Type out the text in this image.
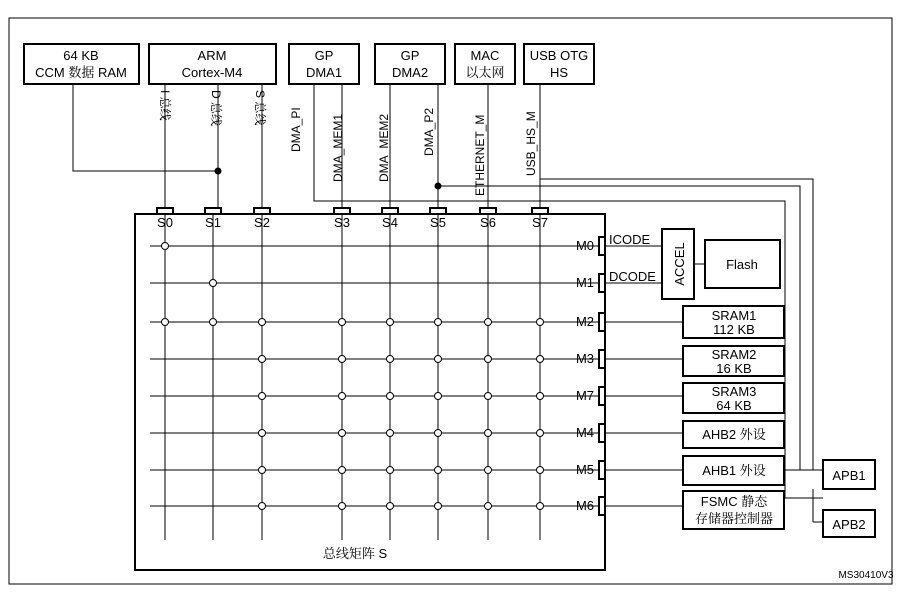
64 KB
CCM 数据 RAM
ARM
Cortex-M4
GP
DMA1
GP
DMA2
MAC
以太网
USB OTG
HS
I 总线	D 总线	S 总线 DMA_PI DMA_MEM1	DMA_MEM2	DMA_P2	ETHERNET_M	USB_HS_M
S0 S1	S2	S3 S4 S5	S6	S7
M0
M1
M2
M3
M7
M4
M5
M6
总线矩阵 S
ICODE
DCODE ACCEL	Flash
SRAM1
112 KB
SRAM2
16 KB
SRAM3
64 KB
AHB2 外设
AHB1 外设
FSMC 静态
存储器控制器
APB1
APB2
MS30410V3
